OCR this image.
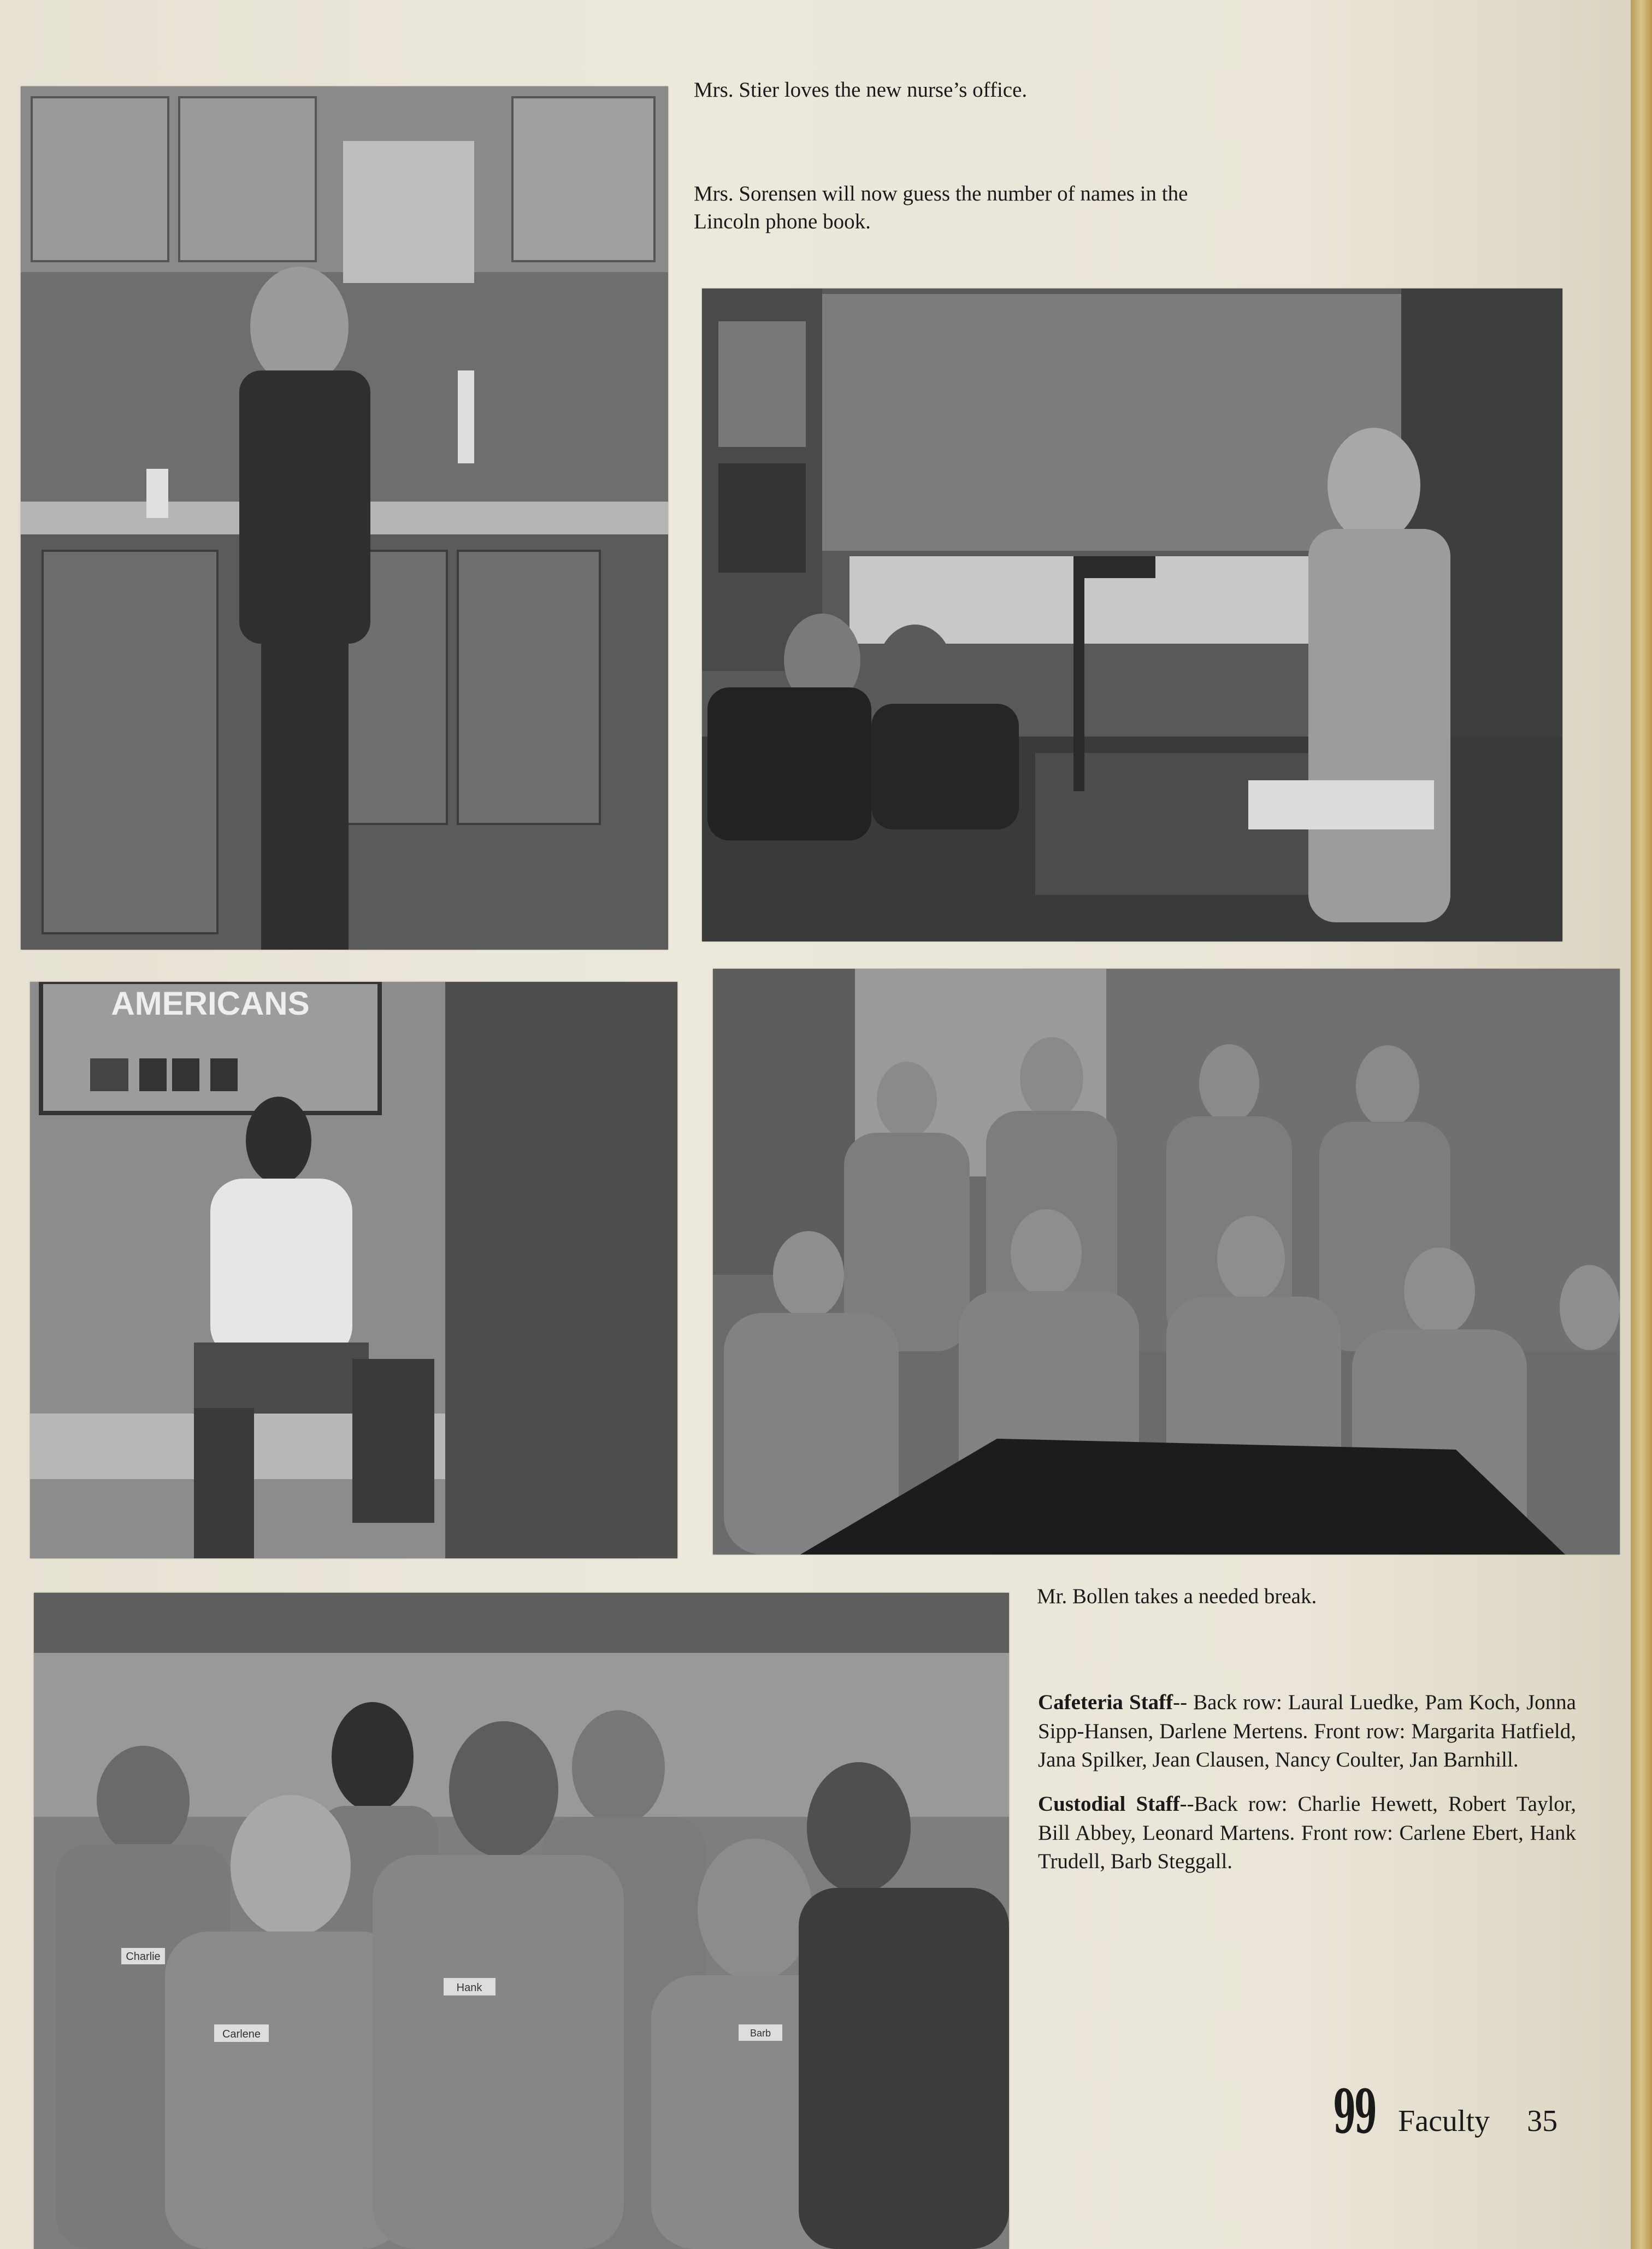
Mrs. Stier loves the new nurse’s office.
Mrs. Sorensen will now guess the number of names in the Lincoln phone book.
AMERICANS
Charlie
Carlene
Hank
Barb
Mr. Bollen takes a needed break.

Cafeteria Staff-- Back row: Laural Luedke, Pam Koch, Jonna Sipp-Hansen, Darlene Mertens. Front row: Margarita Hatfield, Jana Spilker, Jean Clausen, Nancy Coulter, Jan Barnhill.

Custodial Staff--Back row: Charlie Hewett, Robert Taylor, Bill Abbey, Leonard Martens. Front row: Carlene Ebert, Hank Trudell, Barb Steggall.

99 Faculty 35
